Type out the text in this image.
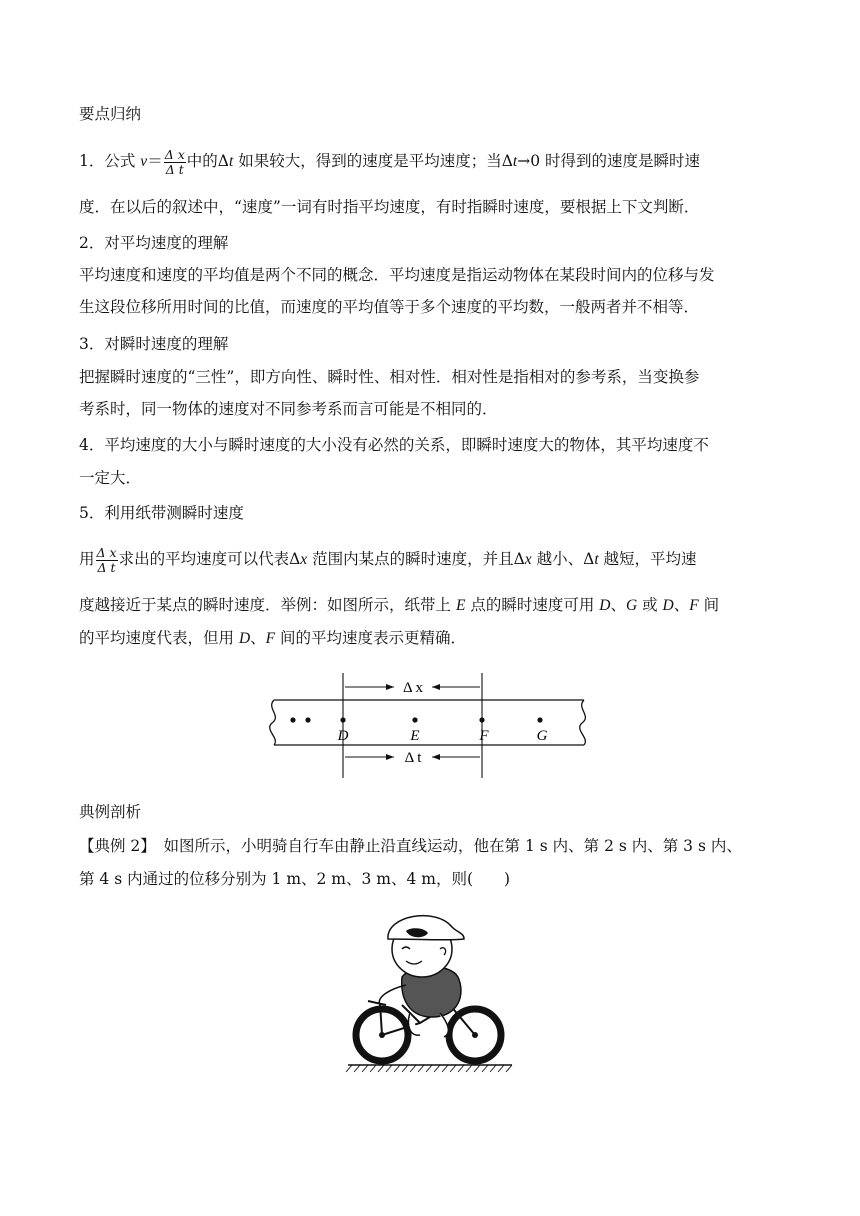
要点归纳
1．公式 $v= \frac{\text{Δ x}}{\text{Δ t}}$ 中的Δt 如果较大，得到的速度是平均速度；当Δt→0 时得到的速度是瞬时速
度．在以后的叙述中，“速度”一词有时指平均速度，有时指瞬时速度，要根据上下文判断．
2．对平均速度的理解
平均速度和速度的平均值是两个不同的概念．平均速度是指运动物体在某段时间内的位移与发
生这段位移所用时间的比值，而速度的平均值等于多个速度的平均数，一般两者并不相等．
3．对瞬时速度的理解
把握瞬时速度的“三性”，即方向性、瞬时性、相对性．相对性是指相对的参考系，当变换参
考系时，同一物体的速度对不同参考系而言可能是不相同的．
4．平均速度的大小与瞬时速度的大小没有必然的关系，即瞬时速度大的物体，其平均速度不
一定大．
5．利用纸带测瞬时速度
用 $\frac{\text{Δ x}}{\text{Δ t}}$ 求出的平均速度可以代表Δx 范围内某点的瞬时速度，并且Δx 越小、Δt 越短，平均速
度越接近于某点的瞬时速度．举例：如图所示，纸带上 E 点的瞬时速度可用 D、G 或 D、F 间
的平均速度代表，但用 D、F 间的平均速度表示更精确．
Δ x
Δ t
D	E	F	G
典例剖析
【典例 2】　如图所示，小明骑自行车由静止沿直线运动，他在第 1 s 内、第 2 s 内、第 3 s 内、
第 4 s 内通过的位移分别为 1 m、2 m、3 m、4 m，则(　　)
